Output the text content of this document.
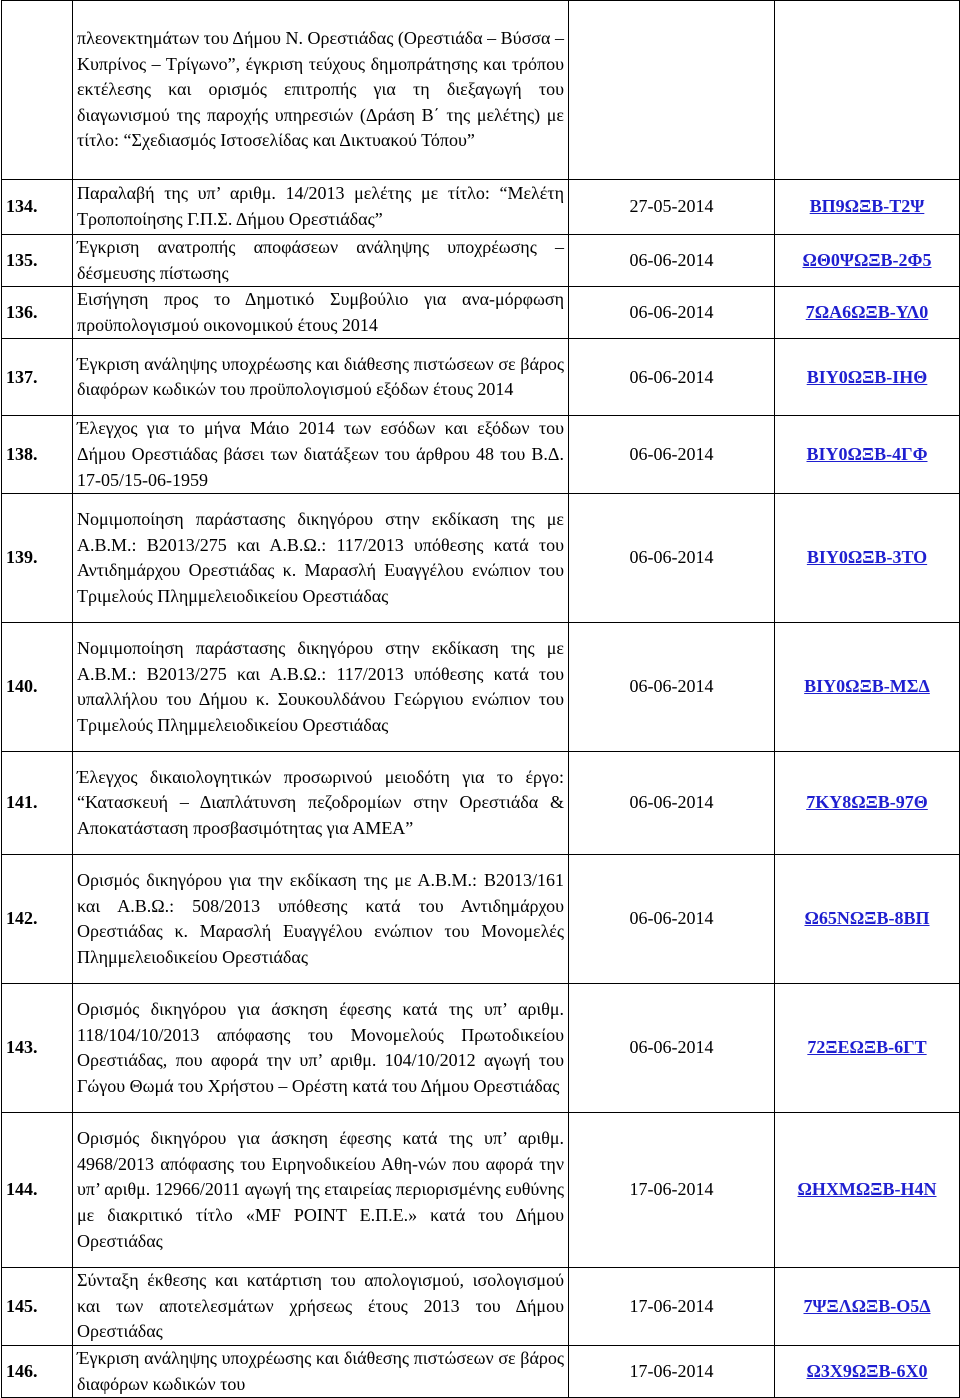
	πλεονεκτημάτων του Δήμου Ν. Ορεστιάδας (Ορεστιάδα – Βύσσα – Κυπρίνος – Τρίγωνο”, έγκριση τεύχους δημοπράτησης και τρόπου εκτέλεσης και ορισμός επιτροπής για τη διεξαγωγή του διαγωνισμού της παροχής υπηρεσιών (Δράση Β΄ της μελέτης) με τίτλο: “Σχεδιασμός Ιστοσελίδας και Δικτυακού Τόπου”		
134.	Παραλαβή της υπ’ αριθμ. 14/2013 μελέτης με τίτλο: “Μελέτη Τροποποίησης Γ.Π.Σ. Δήμου Ορεστιάδας”	27-05-2014	ΒΠ9ΩΞΒ-Τ2Ψ
135.	Έγκριση ανατροπής αποφάσεων ανάληψης υποχρέωσης – δέσμευσης πίστωσης	06-06-2014	ΩΘ0ΨΩΞΒ-2Φ5
136.	Εισήγηση προς το Δημοτικό Συμβούλιο για ανα-μόρφωση προϋπολογισμού οικονομικού έτους 2014	06-06-2014	7ΩΑ6ΩΞΒ-ΥΛ0
137.	Έγκριση ανάληψης υποχρέωσης και διάθεσης πιστώσεων σε βάρος διαφόρων κωδικών του προϋπολογισμού εξόδων έτους 2014	06-06-2014	ΒΙΥ0ΩΞΒ-ΙΗΘ
138.	Έλεγχος για το μήνα Μάιο 2014 των εσόδων και εξόδων του Δήμου Ορεστιάδας βάσει των διατάξεων του άρθρου 48 του Β.Δ. 17-05/15-06-1959	06-06-2014	ΒΙΥ0ΩΞΒ-4ΓΦ
139.	Νομιμοποίηση παράστασης δικηγόρου στην εκδίκαση της με Α.Β.Μ.: Β2013/275 και Α.Β.Ω.: 117/2013 υπόθεσης κατά του Αντιδημάρχου Ορεστιάδας κ. Μαρασλή Ευαγγέλου ενώπιον του Τριμελούς Πλημμελειοδικείου Ορεστιάδας	06-06-2014	ΒΙΥ0ΩΞΒ-3ΤΟ
140.	Νομιμοποίηση παράστασης δικηγόρου στην εκδίκαση της με Α.Β.Μ.: Β2013/275 και Α.Β.Ω.: 117/2013 υπόθεσης κατά του υπαλλήλου του Δήμου κ. Σουκουλδάνου Γεώργιου ενώπιον του Τριμελούς Πλημμελειοδικείου Ορεστιάδας	06-06-2014	ΒΙΥ0ΩΞΒ-ΜΣΔ
141.	Έλεγχος δικαιολογητικών προσωρινού μειοδότη για το έργο: “Κατασκευή – Διαπλάτυνση πεζοδρομίων στην Ορεστιάδα & Αποκατάσταση προσβασιμότητας για ΑΜΕΑ”	06-06-2014	7ΚΥ8ΩΞΒ-97Θ
142.	Ορισμός δικηγόρου για την εκδίκαση της με Α.Β.Μ.: Β2013/161 και Α.Β.Ω.: 508/2013 υπόθεσης κατά του Αντιδημάρχου Ορεστιάδας κ. Μαρασλή Ευαγγέλου ενώπιον του Μονομελές Πλημμελειοδικείου Ορεστιάδας	06-06-2014	Ω65ΝΩΞΒ-8ΒΠ
143.	Ορισμός δικηγόρου για άσκηση έφεσης κατά της υπ’ αριθμ. 118/104/10/2013 απόφασης του Μονομελούς Πρωτοδικείου Ορεστιάδας, που αφορά την υπ’ αριθμ. 104/10/2012 αγωγή του Γώγου Θωμά του Χρήστου – Ορέστη κατά του Δήμου Ορεστιάδας	06-06-2014	72ΞΕΩΞΒ-6ΓΤ
144.	Ορισμός δικηγόρου για άσκηση έφεσης κατά της υπ’ αριθμ. 4968/2013 απόφασης του Ειρηνοδικείου Αθη-νών που αφορά την υπ’ αριθμ. 12966/2011 αγωγή της εταιρείας περιορισμένης ευθύνης με διακριτικό τίτλο «MF POINT Ε.Π.Ε.» κατά του Δήμου Ορεστιάδας	17-06-2014	ΩΗΧΜΩΞΒ-Η4Ν
145.	Σύνταξη έκθεσης και κατάρτιση του απολογισμού, ισολογισμού και των αποτελεσμάτων χρήσεως έτους 2013 του Δήμου Ορεστιάδας	17-06-2014	7ΨΞΛΩΞΒ-Ο5Δ
146.	Έγκριση ανάληψης υποχρέωσης και διάθεσης πιστώσεων σε βάρος διαφόρων κωδικών του	17-06-2014	Ω3Χ9ΩΞΒ-6Χ0
